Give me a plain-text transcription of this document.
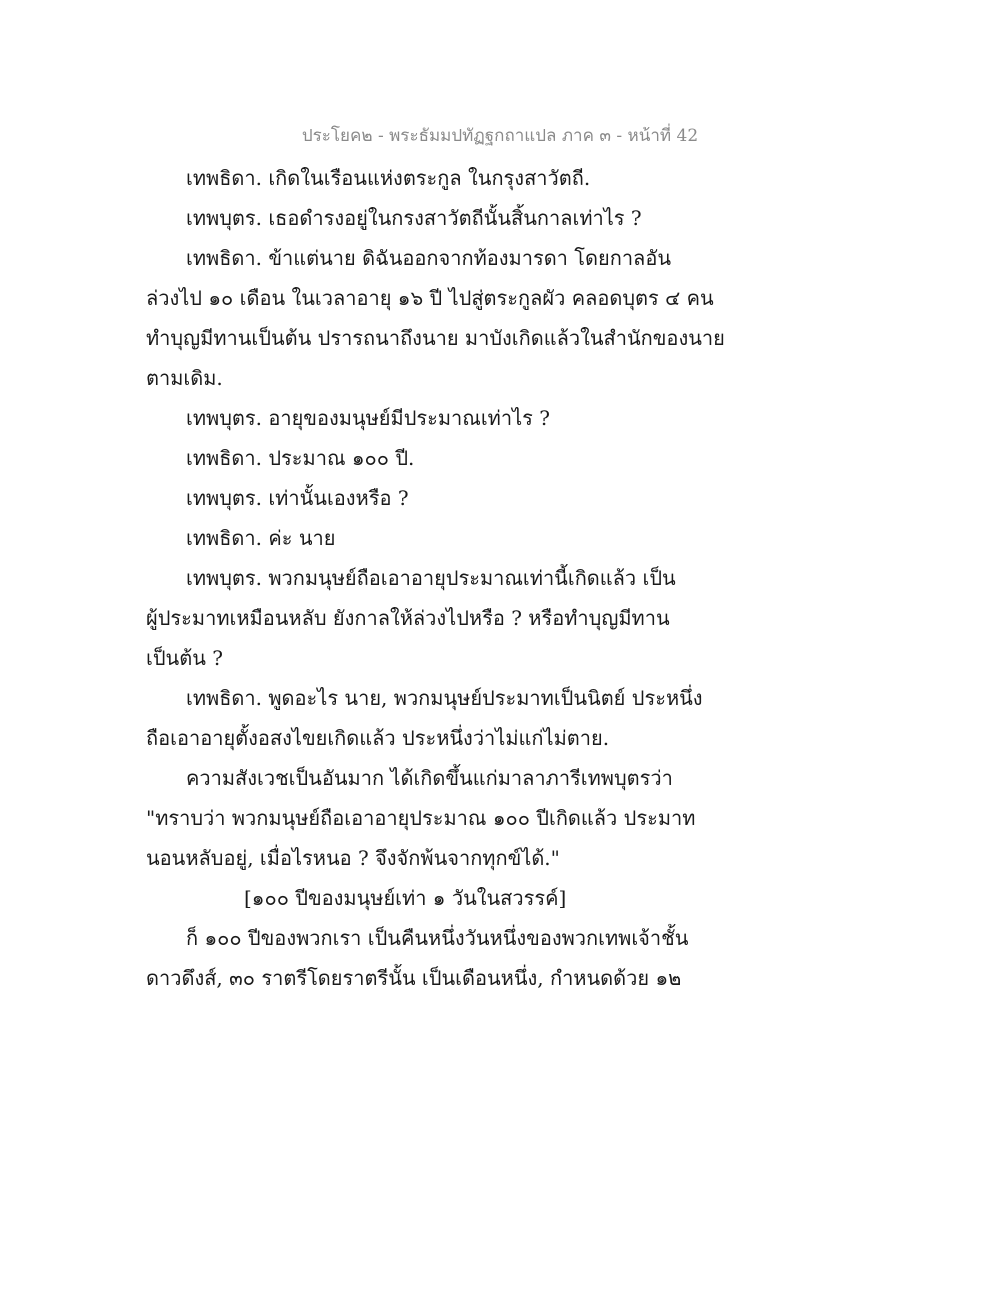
ประโยค๒ - พระธัมมปทัฏฐกถาแปล ภาค ๓ - หน้าที่ 42
เทพธิดา. เกิดในเรือนแห่งตระกูล ในกรุงสาวัตถี.
เทพบุตร. เธอดำรงอยู่ในกรงสาวัตถีนั้นสิ้นกาลเท่าไร ?
เทพธิดา. ข้าแต่นาย ดิฉันออกจากท้องมารดา โดยกาลอัน
ล่วงไป ๑๐ เดือน ในเวลาอายุ ๑๖ ปี ไปสู่ตระกูลผัว คลอดบุตร ๔ คน
ทำบุญมีทานเป็นต้น ปรารถนาถึงนาย มาบังเกิดแล้วในสำนักของนาย
ตามเดิม.
เทพบุตร. อายุของมนุษย์มีประมาณเท่าไร ?
เทพธิดา. ประมาณ ๑๐๐ ปี.
เทพบุตร. เท่านั้นเองหรือ ?
เทพธิดา. ค่ะ นาย
เทพบุตร. พวกมนุษย์ถือเอาอายุประมาณเท่านี้เกิดแล้ว เป็น
ผู้ประมาทเหมือนหลับ ยังกาลให้ล่วงไปหรือ ? หรือทำบุญมีทาน
เป็นต้น ?
เทพธิดา. พูดอะไร นาย, พวกมนุษย์ประมาทเป็นนิตย์ ประหนึ่ง
ถือเอาอายุตั้งอสงไขยเกิดแล้ว ประหนึ่งว่าไม่แก่ไม่ตาย.
ความสังเวชเป็นอันมาก ได้เกิดขึ้นแก่มาลาภารีเทพบุตรว่า
"ทราบว่า พวกมนุษย์ถือเอาอายุประมาณ ๑๐๐ ปีเกิดแล้ว ประมาท
นอนหลับอยู่, เมื่อไรหนอ ? จึงจักพ้นจากทุกข์ได้."
[๑๐๐ ปีของมนุษย์เท่า ๑ วันในสวรรค์]
ก็ ๑๐๐ ปีของพวกเรา เป็นคืนหนึ่งวันหนึ่งของพวกเทพเจ้าชั้น
ดาวดึงส์, ๓๐ ราตรีโดยราตรีนั้น เป็นเดือนหนึ่ง, กำหนดด้วย ๑๒
